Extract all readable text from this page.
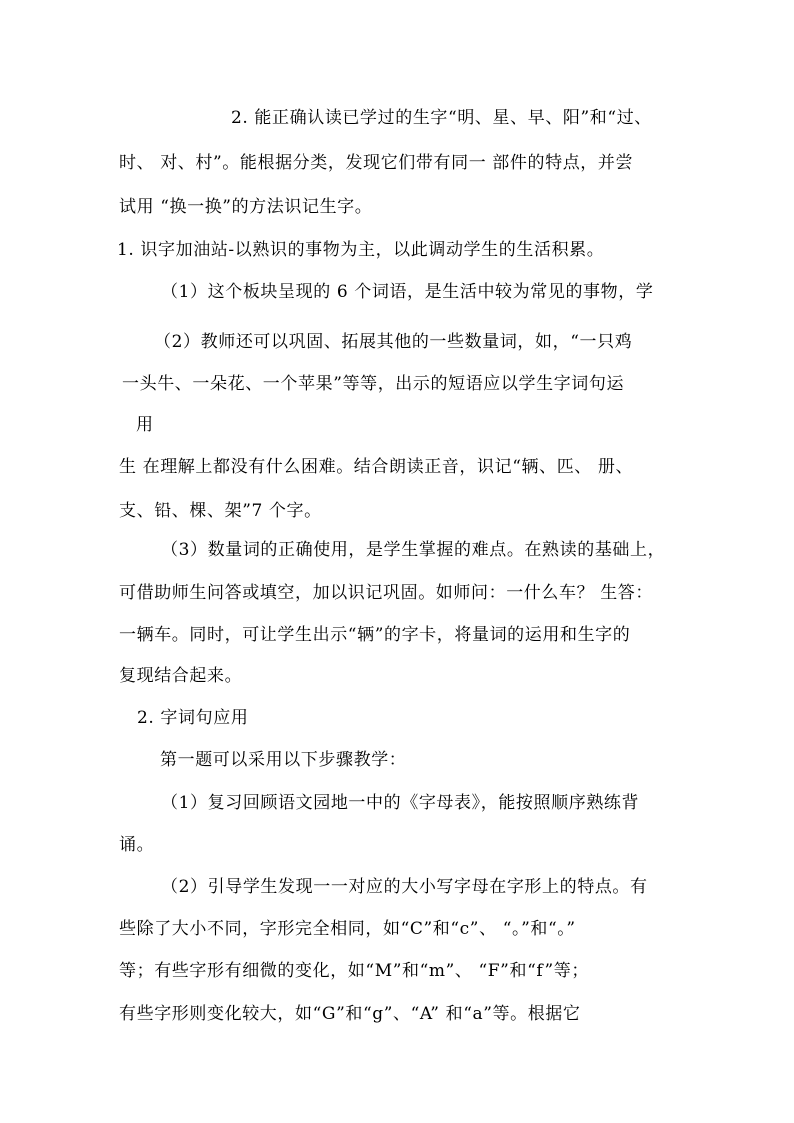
2. 能正确认读已学过的生字“明、星、早、阳”和“过、
时、 对、村”。能根据分类，发现它们带有同一 部件的特点，并尝
试用 “换一换”的方法识记生字。
1. 识字加油站-以熟识的事物为主，以此调动学生的生活积累。
（1）这个板块呈现的 6 个词语，是生活中较为常见的事物，学
（2）教师还可以巩固、拓展其他的一些数量词，如，“一只鸡
一头牛、一朵花、一个苹果”等等，出示的短语应以学生字词句运
用
生 在理解上都没有什么困难。结合朗读正音，识记“辆、匹、 册、
支、铅、棵、架”7 个字。
（3）数量词的正确使用，是学生掌握的难点。在熟读的基础上，
可借助师生问答或填空，加以识记巩固。如师问：一什么车？ 生答：
一辆车。同时，可让学生出示“辆”的字卡，将量词的运用和生字的
复现结合起来。
2. 字词句应用
第一题可以采用以下步骤教学：
（1）复习回顾语文园地一中的《字母表》，能按照顺序熟练背
诵。
（2）引导学生发现一一对应的大小写字母在字形上的特点。有
些除了大小不同，字形完全相同，如“C”和“c”、 “。”和“。”
等；有些字形有细微的变化，如“M”和“m”、 “F”和“f”等；
有些字形则变化较大，如“G”和“g”、“A” 和“a”等。根据它
